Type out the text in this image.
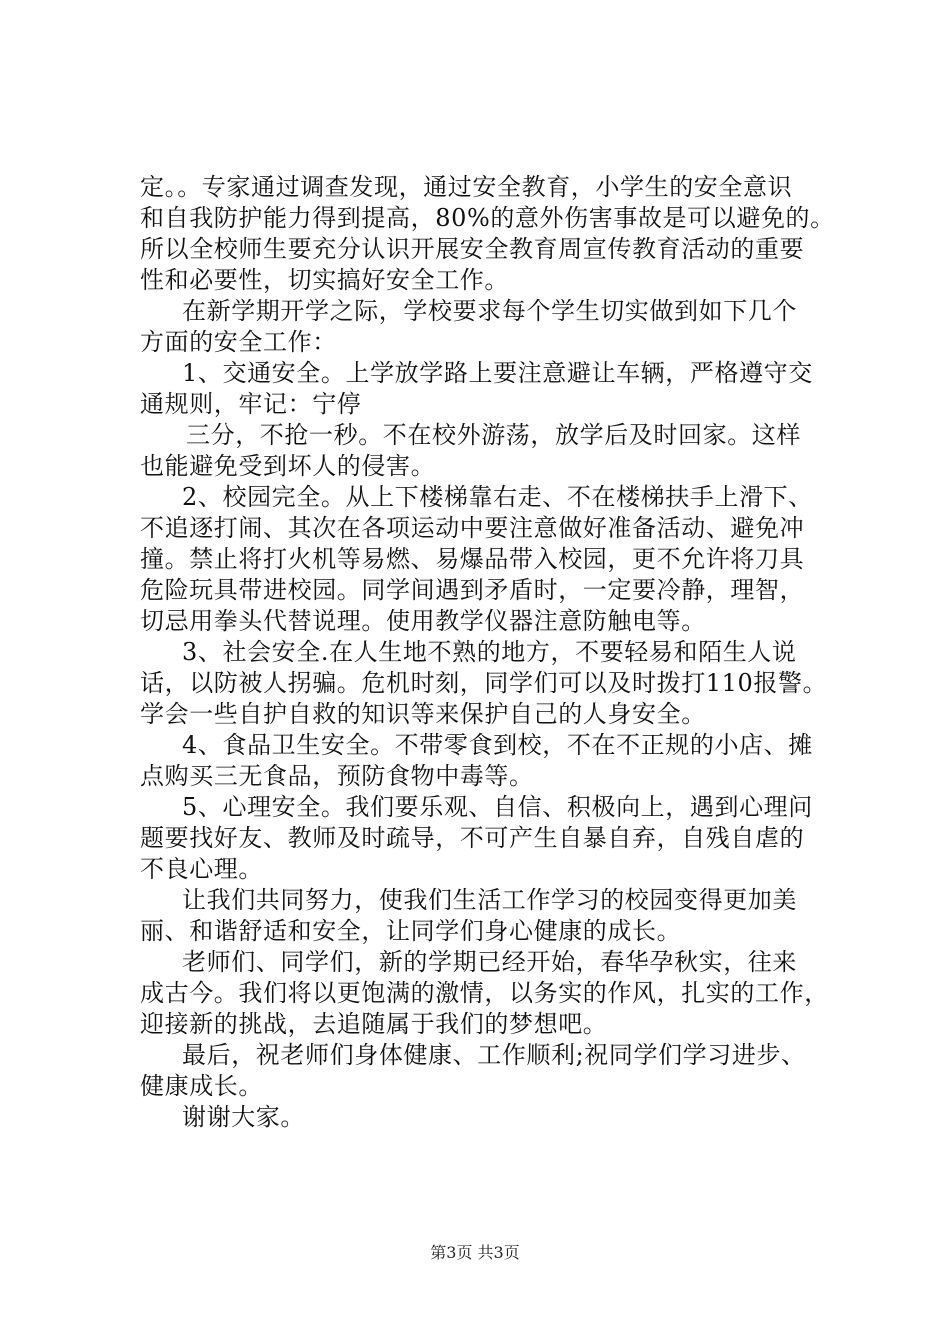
定。。专家通过调查发现，通过安全教育，小学生的安全意识
和自我防护能力得到提高，80%的意外伤害事故是可以避免的。
所以全校师生要充分认识开展安全教育周宣传教育活动的重要
性和必要性，切实搞好安全工作。
在新学期开学之际，学校要求每个学生切实做到如下几个
方面的安全工作：
1、交通安全。上学放学路上要注意避让车辆，严格遵守交
通规则，牢记：宁停
三分，不抢一秒。不在校外游荡，放学后及时回家。这样
也能避免受到坏人的侵害。
2、校园完全。从上下楼梯靠右走、不在楼梯扶手上滑下、
不追逐打闹、其次在各项运动中要注意做好准备活动、避免冲
撞。禁止将打火机等易燃、易爆品带入校园，更不允许将刀具
危险玩具带进校园。同学间遇到矛盾时，一定要冷静，理智，
切忌用拳头代替说理。使用教学仪器注意防触电等。
3、社会安全.在人生地不熟的地方，不要轻易和陌生人说
话，以防被人拐骗。危机时刻，同学们可以及时拨打110报警。
学会一些自护自救的知识等来保护自己的人身安全。
4、食品卫生安全。不带零食到校，不在不正规的小店、摊
点购买三无食品，预防食物中毒等。
5、心理安全。我们要乐观、自信、积极向上，遇到心理问
题要找好友、教师及时疏导，不可产生自暴自弃，自残自虐的
不良心理。
让我们共同努力，使我们生活工作学习的校园变得更加美
丽、和谐舒适和安全，让同学们身心健康的成长。
老师们、同学们，新的学期已经开始，春华孕秋实，往来
成古今。我们将以更饱满的激情，以务实的作风，扎实的工作，
迎接新的挑战，去追随属于我们的梦想吧。
最后，祝老师们身体健康、工作顺利;祝同学们学习进步、
健康成长。
谢谢大家。
第3页 共3页
